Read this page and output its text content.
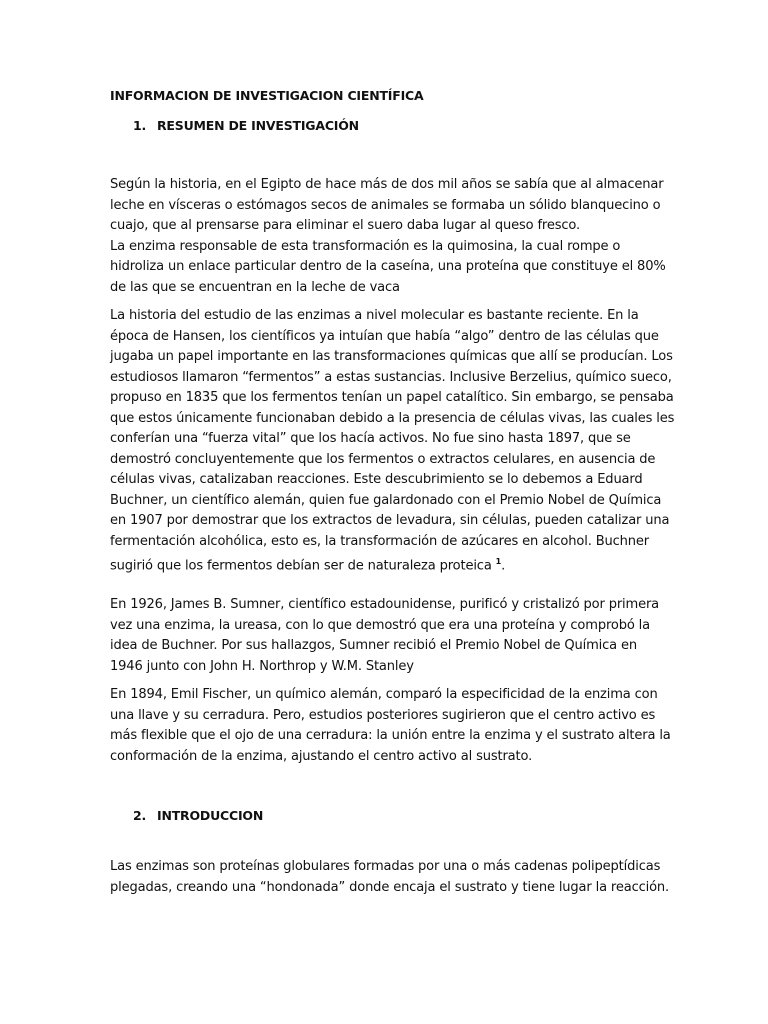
INFORMACION DE INVESTIGACION CIENTÍFICA
1. RESUMEN DE INVESTIGACIÓN
Según la historia, en el Egipto de hace más de dos mil años se sabía que al almacenar
leche en vísceras o estómagos secos de animales se formaba un sólido blanquecino o
cuajo, que al prensarse para eliminar el suero daba lugar al queso fresco.
La enzima responsable de esta transformación es la quimosina, la cual rompe o
hidroliza un enlace particular dentro de la caseína, una proteína que constituye el 80%
de las que se encuentran en la leche de vaca
La historia del estudio de las enzimas a nivel molecular es bastante reciente. En la
época de Hansen, los científicos ya intuían que había “algo” dentro de las células que
jugaba un papel importante en las transformaciones químicas que allí se producían. Los
estudiosos llamaron “fermentos” a estas sustancias. Inclusive Berzelius, químico sueco,
propuso en 1835 que los fermentos tenían un papel catalítico. Sin embargo, se pensaba
que estos únicamente funcionaban debido a la presencia de células vivas, las cuales les
conferían una “fuerza vital” que los hacía activos. No fue sino hasta 1897, que se
demostró concluyentemente que los fermentos o extractos celulares, en ausencia de
células vivas, catalizaban reacciones. Este descubrimiento se lo debemos a Eduard
Buchner, un científico alemán, quien fue galardonado con el Premio Nobel de Química
en 1907 por demostrar que los extractos de levadura, sin células, pueden catalizar una
fermentación alcohólica, esto es, la transformación de azúcares en alcohol. Buchner
sugirió que los fermentos debían ser de naturaleza proteica $^1$.
En 1926, James B. Sumner, científico estadounidense, purificó y cristalizó por primera
vez una enzima, la ureasa, con lo que demostró que era una proteína y comprobó la
idea de Buchner. Por sus hallazgos, Sumner recibió el Premio Nobel de Química en
1946 junto con John H. Northrop y W.M. Stanley
En 1894, Emil Fischer, un químico alemán, comparó la especificidad de la enzima con
una llave y su cerradura. Pero, estudios posteriores sugirieron que el centro activo es
más flexible que el ojo de una cerradura: la unión entre la enzima y el sustrato altera la
conformación de la enzima, ajustando el centro activo al sustrato.
2. INTRODUCCION
Las enzimas son proteínas globulares formadas por una o más cadenas polipeptídicas
plegadas, creando una “hondonada” donde encaja el sustrato y tiene lugar la reacción.
